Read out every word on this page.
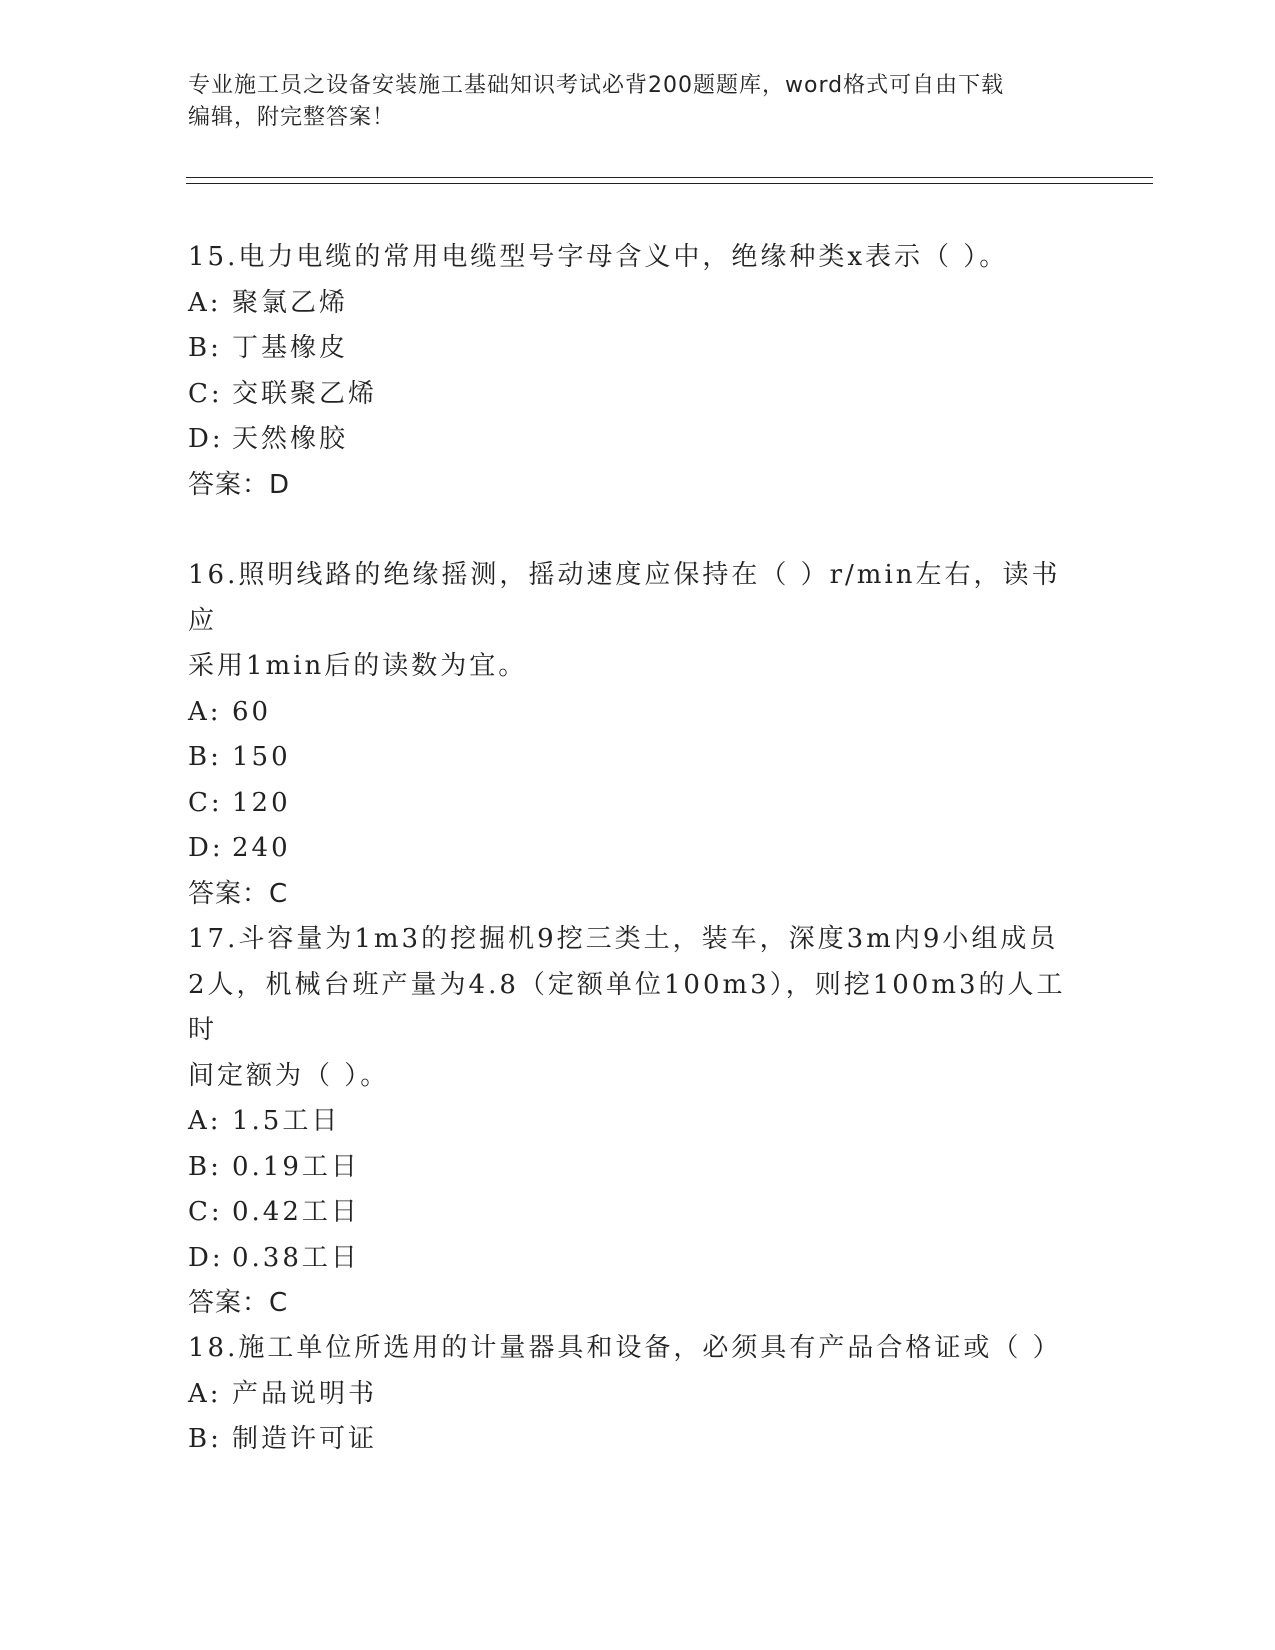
专业施工员之设备安装施工基础知识考试必背200题题库，word格式可自由下载
编辑，附完整答案！
15.电力电缆的常用电缆型号字母含义中，绝缘种类x表示（ ）。
A: 聚氯乙烯
B: 丁基橡皮
C: 交联聚乙烯
D: 天然橡胶
答案：D
16.照明线路的绝缘摇测，摇动速度应保持在（ ）r/min左右，读书应
采用1min后的读数为宜。
A: 60
B: 150
C: 120
D: 240
答案：C
17.斗容量为1m3的挖掘机9挖三类土，装车，深度3m内9小组成员
2人，机械台班产量为4.8（定额单位100m3），则挖100m3的人工时
间定额为（ ）。
A: 1.5工日
B: 0.19工日
C: 0.42工日
D: 0.38工日
答案：C
18.施工单位所选用的计量器具和设备，必须具有产品合格证或（ ）
A: 产品说明书
B: 制造许可证
